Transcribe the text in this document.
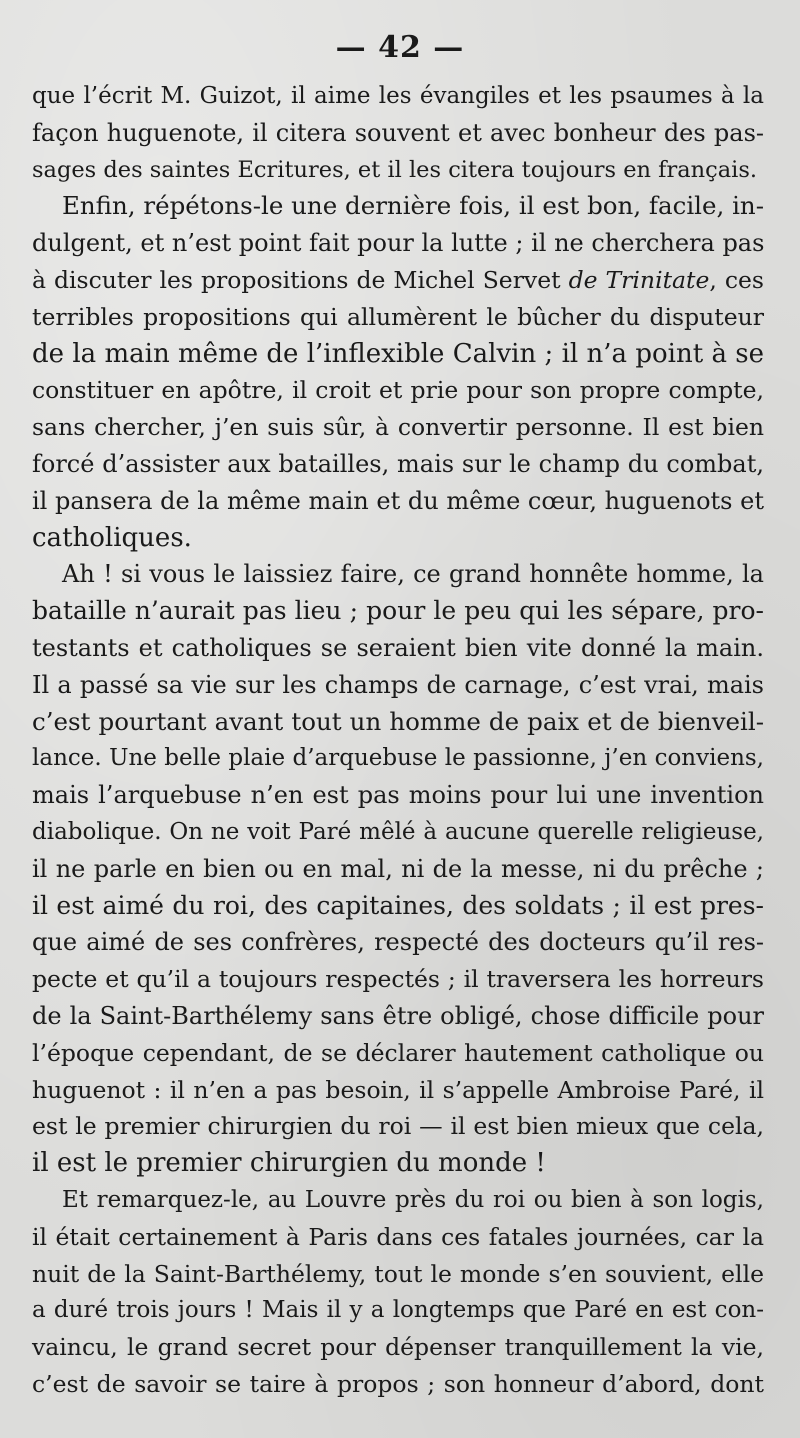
— 42 —
que l’écrit M. Guizot, il aime les évangiles et les psaumes à la
façon huguenote, il citera souvent et avec bonheur des pas-
sages des saintes Ecritures, et il les citera toujours en français.
Enfin, répétons-le une dernière fois, il est bon, facile, in-
dulgent, et n’est point fait pour la lutte ; il ne cherchera pas
à discuter les propositions de Michel Servet de Trinitate, ces
terribles propositions qui allumèrent le bûcher du disputeur
de la main même de l’inflexible Calvin ; il n’a point à se
constituer en apôtre, il croit et prie pour son propre compte,
sans chercher, j’en suis sûr, à convertir personne. Il est bien
forcé d’assister aux batailles, mais sur le champ du combat,
il pansera de la même main et du même cœur, huguenots et
catholiques.
Ah ! si vous le laissiez faire, ce grand honnête homme, la
bataille n’aurait pas lieu ; pour le peu qui les sépare, pro-
testants et catholiques se seraient bien vite donné la main.
Il a passé sa vie sur les champs de carnage, c’est vrai, mais
c’est pourtant avant tout un homme de paix et de bienveil-
lance. Une belle plaie d’arquebuse le passionne, j’en conviens,
mais l’arquebuse n’en est pas moins pour lui une invention
diabolique. On ne voit Paré mêlé à aucune querelle religieuse,
il ne parle en bien ou en mal, ni de la messe, ni du prêche ;
il est aimé du roi, des capitaines, des soldats ; il est pres-
que aimé de ses confrères, respecté des docteurs qu’il res-
pecte et qu’il a toujours respectés ; il traversera les horreurs
de la Saint-Barthélemy sans être obligé, chose difficile pour
l’époque cependant, de se déclarer hautement catholique ou
huguenot : il n’en a pas besoin, il s’appelle Ambroise Paré, il
est le premier chirurgien du roi — il est bien mieux que cela,
il est le premier chirurgien du monde !
Et remarquez-le, au Louvre près du roi ou bien à son logis,
il était certainement à Paris dans ces fatales journées, car la
nuit de la Saint-Barthélemy, tout le monde s’en souvient, elle
a duré trois jours ! Mais il y a longtemps que Paré en est con-
vaincu, le grand secret pour dépenser tranquillement la vie,
c’est de savoir se taire à propos ; son honneur d’abord, dont
